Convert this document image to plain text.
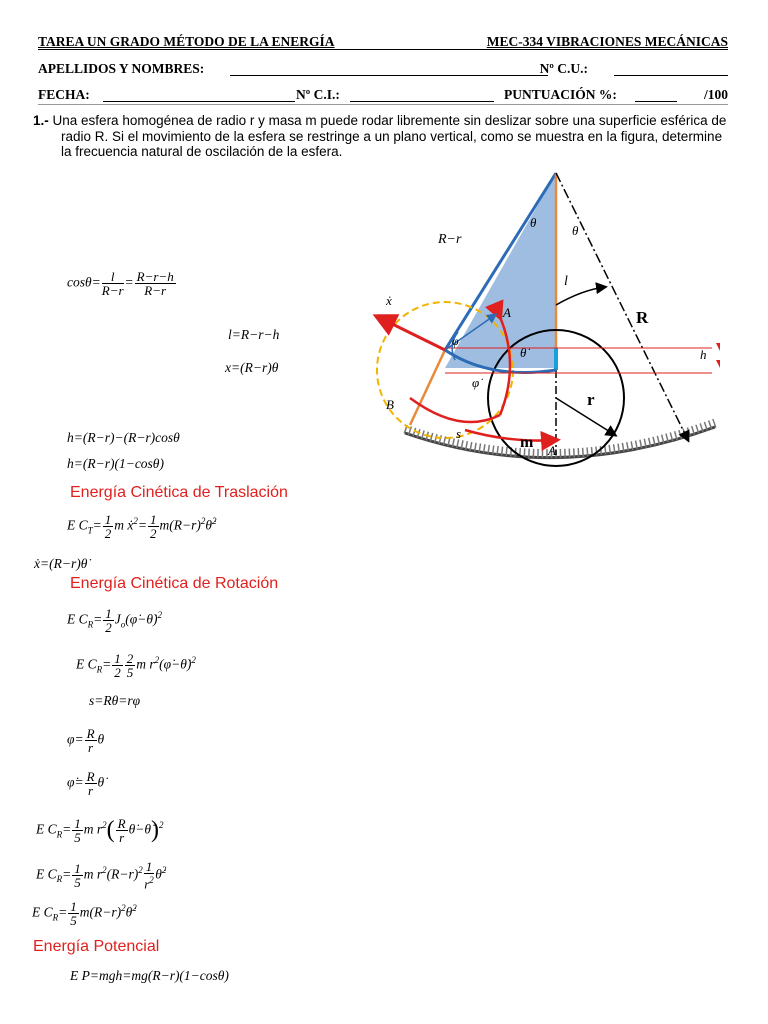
TAREA UN GRADO MÉTODO DE LA ENERGÍA	MEC-334 VIBRACIONES MECÁNICAS
APELLIDOS Y NOMBRES:	Nº C.U.:
FECHA:	Nº C.I.:	PUNTUACIÓN %:	/100
1.- Una esfera homogénea de radio r y masa m puede rodar libremente sin deslizar sobre una superficie esférica de radio R. Si el movimiento de la esfera se restringe a un plano vertical, como se muestra en la figura, determine la frecuencia natural de oscilación de la esfera.
R−r
θ
θ
l
R
ẋ
A
φ
θ̇
φ̇
h
r
B
s
m A
$\cos\theta= \frac{l}{R-r} = \frac{R-r-h}{R-r}$
l=R−r−h
x=(R−r)θ
h=(R−r)−(R−r)cosθ
h=(R−r)(1−cosθ)
Energía Cinética de Traslación
E $C_T= \frac{1}{2}$ m ẋ$^2$= $\frac{1}{2}$ $m(R-r)^2\thetȧ^2$
ẋ=(R−r)θ̇
Energía Cinética de Rotación
E $C_R= \frac{1}{2}$ $J_o(\varphi̇-\thetȧ)^2$
E $C_R= \frac{1}{2} \frac{2}{5}$ m $r^2(\varphi̇-\thetȧ)^2$
s=Rθ=rφ
$\varphi= \frac{R}{r}$ θ
φ̇= $\frac{R}{r}$ θ̇
E $C_R= \frac{1}{5}$ m $r^2( \frac{R}{r}$ θ̇−θ̇)$^2$
E $C_R= \frac{1}{5}$ m $r^2(R-r)^2 \frac{1}{r^2}$ θ̇$^2$
E $C_R= \frac{1}{5}$ $m(R-r)^2\thetȧ^2$
Energía Potencial
E P=mgh=mg(R−r)(1−cosθ)
